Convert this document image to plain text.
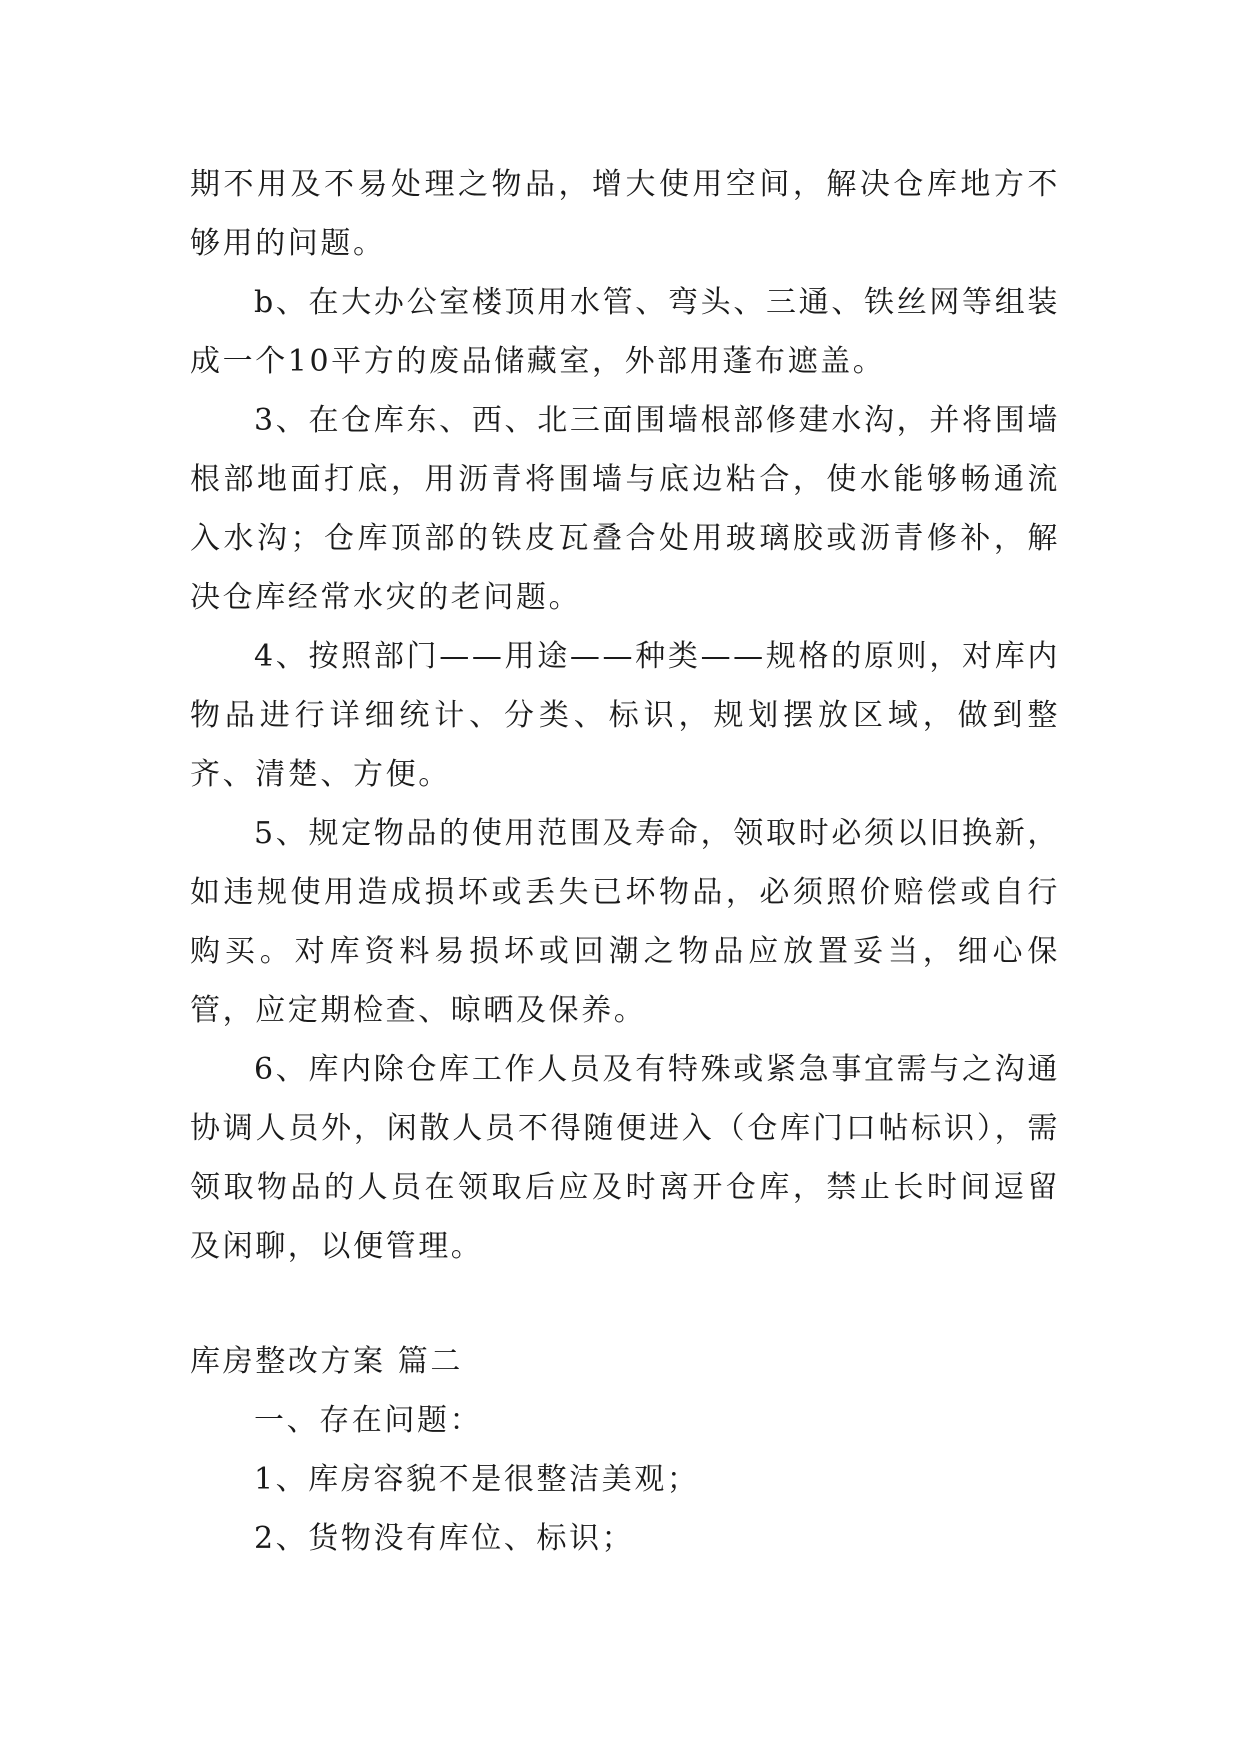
期不用及不易处理之物品，增大使用空间，解决仓库地方不够用的问题。

b、在大办公室楼顶用水管、弯头、三通、铁丝网等组装成一个10平方的废品储藏室，外部用蓬布遮盖。

3、在仓库东、西、北三面围墙根部修建水沟，并将围墙根部地面打底，用沥青将围墙与底边粘合，使水能够畅通流入水沟；仓库顶部的铁皮瓦叠合处用玻璃胶或沥青修补，解决仓库经常水灾的老问题。

4、按照部门——用途——种类——规格的原则，对库内物品进行详细统计、分类、标识，规划摆放区域，做到整齐、清楚、方便。

5、规定物品的使用范围及寿命，领取时必须以旧换新，如违规使用造成损坏或丢失已坏物品，必须照价赔偿或自行购买。对库资料易损坏或回潮之物品应放置妥当，细心保管，应定期检查、晾晒及保养。

6、库内除仓库工作人员及有特殊或紧急事宜需与之沟通协调人员外，闲散人员不得随便进入（仓库门口帖标识），需领取物品的人员在领取后应及时离开仓库，禁止长时间逗留及闲聊，以便管理。

库房整改方案 篇二

一、存在问题：

1、库房容貌不是很整洁美观；

2、货物没有库位、标识；
